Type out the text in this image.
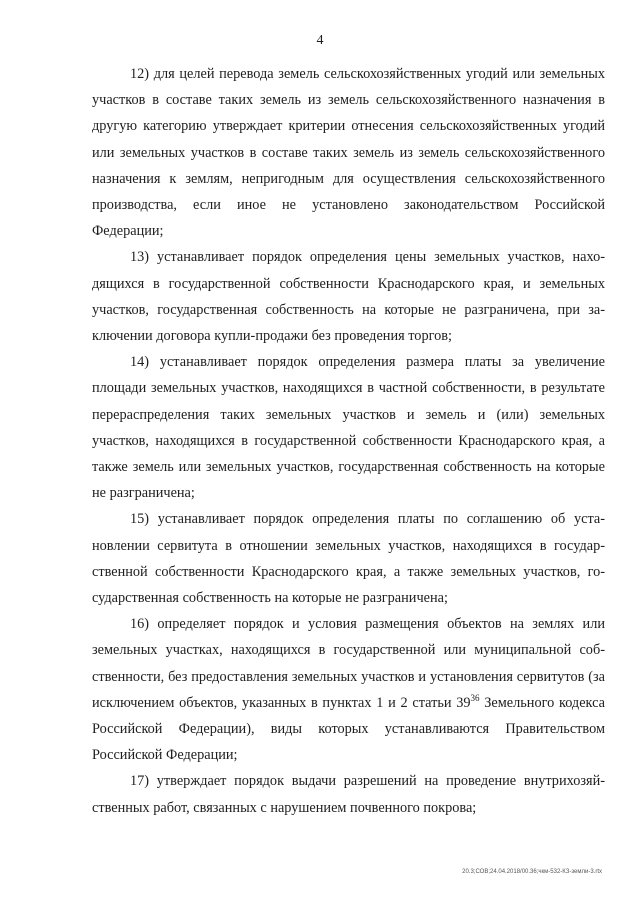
4

12) для целей перевода земель сельскохозяйственных угодий или земельных участков в составе таких земель из земель сельскохозяйственного назначения в другую категорию утверждает критерии отнесения сельскохозяйственных угодий или земельных участков в составе таких земель из земель сельскохозяйственного назначения к землям, непригодным для осуществления сельскохозяйственного производства, если иное не установлено законодательством Российской Федерации;

13) устанавливает порядок определения цены земельных участков, находящихся в государственной собственности Краснодарского края, и земельных участков, государственная собственность на которые не разграничена, при заключении договора купли-продажи без проведения торгов;

14) устанавливает порядок определения размера платы за увеличение площади земельных участков, находящихся в частной собственности, в результате перераспределения таких земельных участков и земель и (или) земельных участков, находящихся в государственной собственности Краснодарского края, а также земель или земельных участков, государственная собственность на которые не разграничена;

15) устанавливает порядок определения платы по соглашению об установлении сервитута в отношении земельных участков, находящихся в государственной собственности Краснодарского края, а также земельных участков, государственная собственность на которые не разграничена;

16) определяет порядок и условия размещения объектов на землях или земельных участках, находящихся в государственной или муниципальной собственности, без предоставления земельных участков и установления сервитутов (за исключением объектов, указанных в пунктах 1 и 2 статьи $39^{36}$ Земельного кодекса Российской Федерации), виды которых устанавливаются Правительством Российской Федерации;

17) утверждает порядок выдачи разрешений на проведение внутрихозяйственных работ, связанных с нарушением почвенного покрова;

20.3;СОВ;24.04.2018/00.36;чкм-532-КЗ-земли-3.rtx
